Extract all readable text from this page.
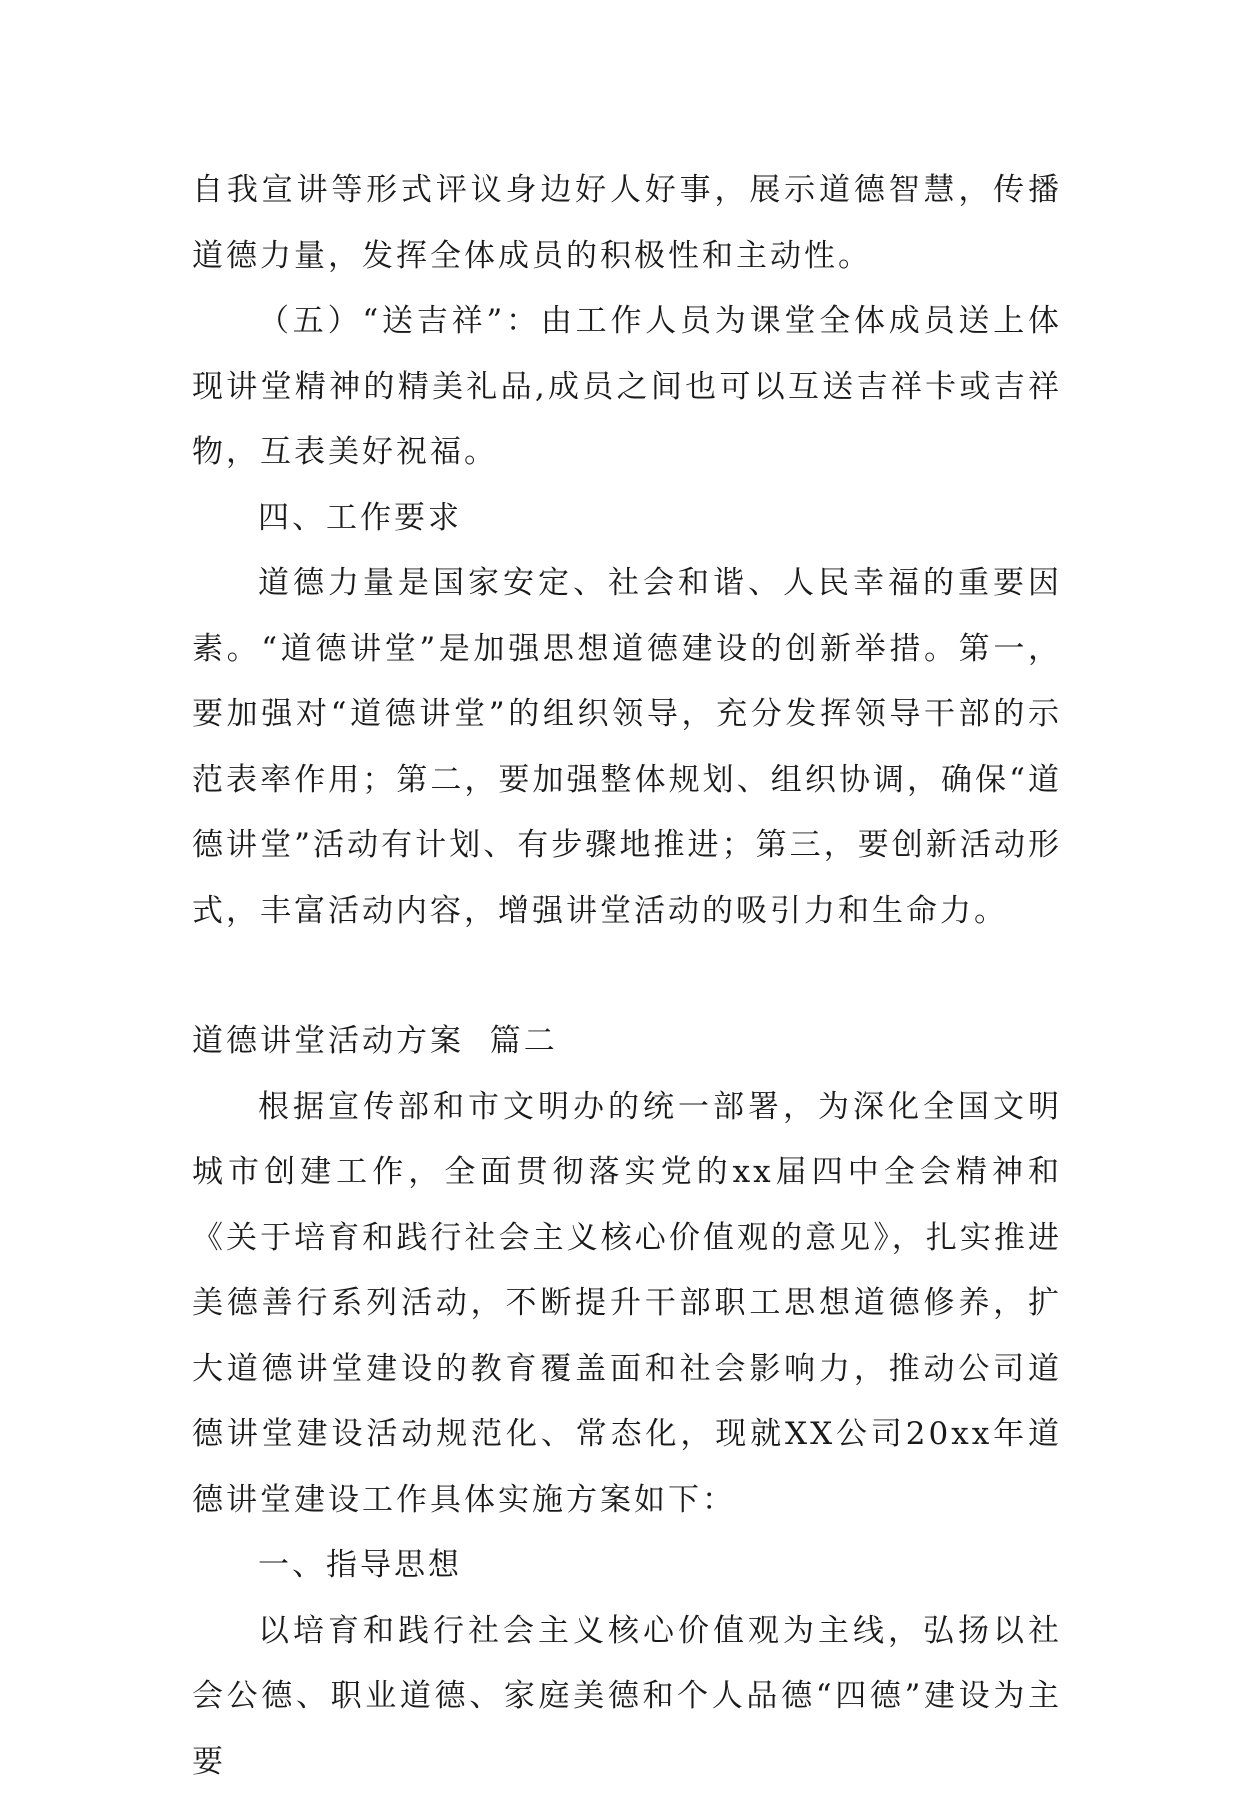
自我宣讲等形式评议身边好人好事，展示道德智慧，传播道德力量，发挥全体成员的积极性和主动性。

（五）“送吉祥”：由工作人员为课堂全体成员送上体现讲堂精神的精美礼品,成员之间也可以互送吉祥卡或吉祥物，互表美好祝福。

四、工作要求

道德力量是国家安定、社会和谐、人民幸福的重要因素。“道德讲堂”是加强思想道德建设的创新举措。第一，要加强对“道德讲堂”的组织领导，充分发挥领导干部的示范表率作用；第二，要加强整体规划、组织协调，确保“道德讲堂”活动有计划、有步骤地推进；第三，要创新活动形式，丰富活动内容，增强讲堂活动的吸引力和生命力。

道德讲堂活动方案  篇二

根据宣传部和市文明办的统一部署，为深化全国文明城市创建工作，全面贯彻落实党的xx届四中全会精神和《关于培育和践行社会主义核心价值观的意见》，扎实推进美德善行系列活动，不断提升干部职工思想道德修养，扩大道德讲堂建设的教育覆盖面和社会影响力，推动公司道德讲堂建设活动规范化、常态化，现就XX公司20xx年道德讲堂建设工作具体实施方案如下：

一、指导思想

以培育和践行社会主义核心价值观为主线，弘扬以社会公德、职业道德、家庭美德和个人品德“四德”建设为主要
